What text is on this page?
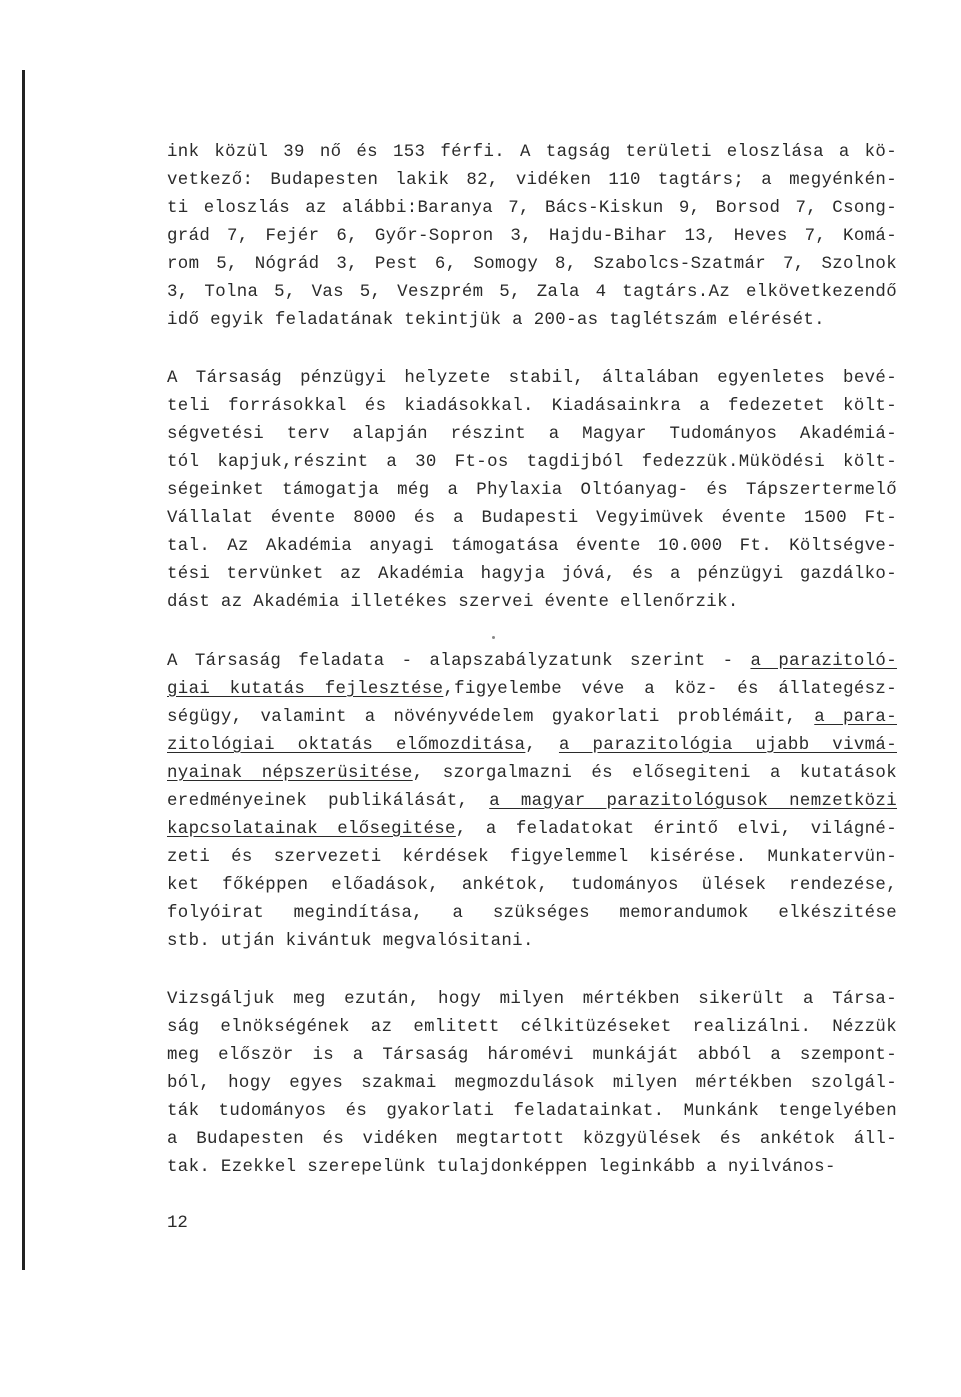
ink közül 39 nő és 153 férfi. A tagság területi eloszlása a kö-
vetkező: Budapesten lakik 82, vidéken 110 tagtárs; a megyénkén-
ti eloszlás az alábbi:Baranya 7, Bács-Kiskun 9, Borsod 7, Csong-
grád 7, Fejér 6, Győr-Sopron 3, Hajdu-Bihar 13, Heves 7, Komá-
rom 5, Nógrád 3, Pest 6, Somogy 8, Szabolcs-Szatmár 7, Szolnok
3, Tolna 5, Vas 5, Veszprém 5, Zala 4 tagtárs.Az elkövetkezendő
idő egyik feladatának tekintjük a 200-as taglétszám elérését.
A Társaság pénzügyi helyzete stabil, általában egyenletes bevé-
teli forrásokkal és kiadásokkal. Kiadásainkra a fedezetet költ-
ségvetési terv alapján részint a Magyar Tudományos Akadémiá-
tól kapjuk,részint a 30 Ft-os tagdijból fedezzük.Müködési költ-
ségeinket támogatja még a Phylaxia Oltóanyag- és Tápszertermelő
Vállalat évente 8000 és a Budapesti Vegyimüvek évente 1500 Ft-
tal. Az Akadémia anyagi támogatása évente 10.000 Ft. Költségve-
tési tervünket az Akadémia hagyja jóvá, és a pénzügyi gazdálko-
dást az Akadémia illetékes szervei évente ellenőrzik.
A Társaság feladata - alapszabályzatunk szerint - a parazitoló-
giai kutatás fejlesztése,figyelembe véve a köz- és állategész-
ségügy, valamint a növényvédelem gyakorlati problémáit, a para-
zitológiai oktatás előmozditása, a parazitológia ujabb vivmá-
nyainak népszerüsitése, szorgalmazni és elősegiteni a kutatások
eredményeinek publikálását, a magyar parazitológusok nemzetközi
kapcsolatainak elősegitése, a feladatokat érintő elvi, világné-
zeti és szervezeti kérdések figyelemmel kisérése. Munkatervün-
ket főképpen előadások, ankétok, tudományos ülések rendezése,
folyóirat megindítása, a szükséges memorandumok elkészitése
stb. utján kivántuk megvalósitani.
Vizsgáljuk meg ezután, hogy milyen mértékben sikerült a Társa-
ság elnökségének az emlitett célkitüzéseket realizálni. Nézzük
meg először is a Társaság háromévi munkáját abból a szempont-
ból, hogy egyes szakmai megmozdulások milyen mértékben szolgál-
ták tudományos és gyakorlati feladatainkat. Munkánk tengelyében
a Budapesten és vidéken megtartott közgyülések és ankétok áll-
tak. Ezekkel szerepelünk tulajdonképpen leginkább a nyilvános-
12
